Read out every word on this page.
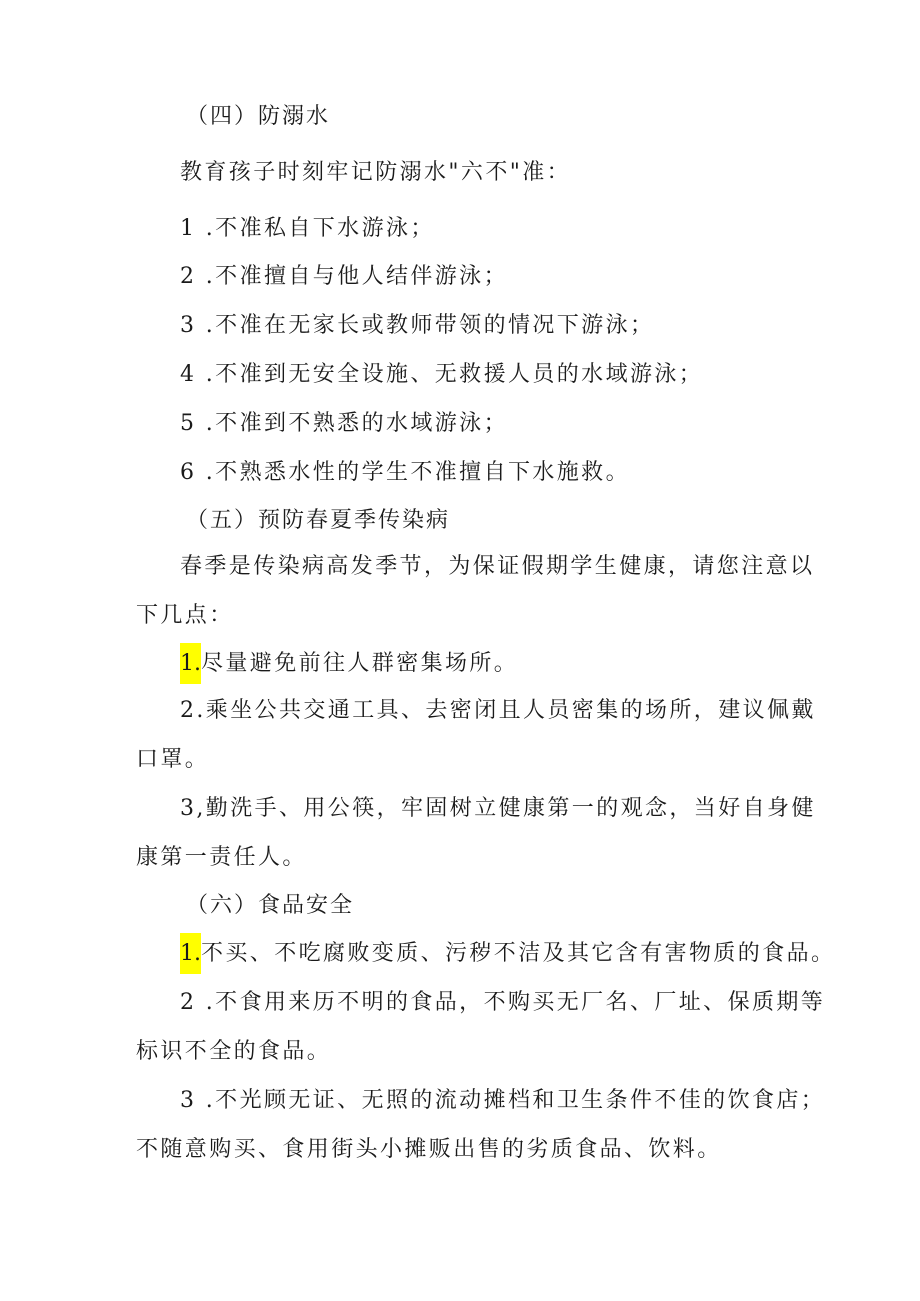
（四）防溺水
教育孩子时刻牢记防溺水"六不"准：
1 .不准私自下水游泳；
2 .不准擅自与他人结伴游泳；
3 .不准在无家长或教师带领的情况下游泳；
4 .不准到无安全设施、无救援人员的水域游泳；
5 .不准到不熟悉的水域游泳；
6 .不熟悉水性的学生不准擅自下水施救。
（五）预防春夏季传染病
春季是传染病高发季节，为保证假期学生健康，请您注意以
下几点：
1.尽量避免前往人群密集场所。
2.乘坐公共交通工具、去密闭且人员密集的场所，建议佩戴
口罩。
3,勤洗手、用公筷，牢固树立健康第一的观念，当好自身健
康第一责任人。
（六）食品安全
1.不买、不吃腐败变质、污秽不洁及其它含有害物质的食品。
2 .不食用来历不明的食品，不购买无厂名、厂址、保质期等
标识不全的食品。
3 .不光顾无证、无照的流动摊档和卫生条件不佳的饮食店；
不随意购买、食用街头小摊贩出售的劣质食品、饮料。
